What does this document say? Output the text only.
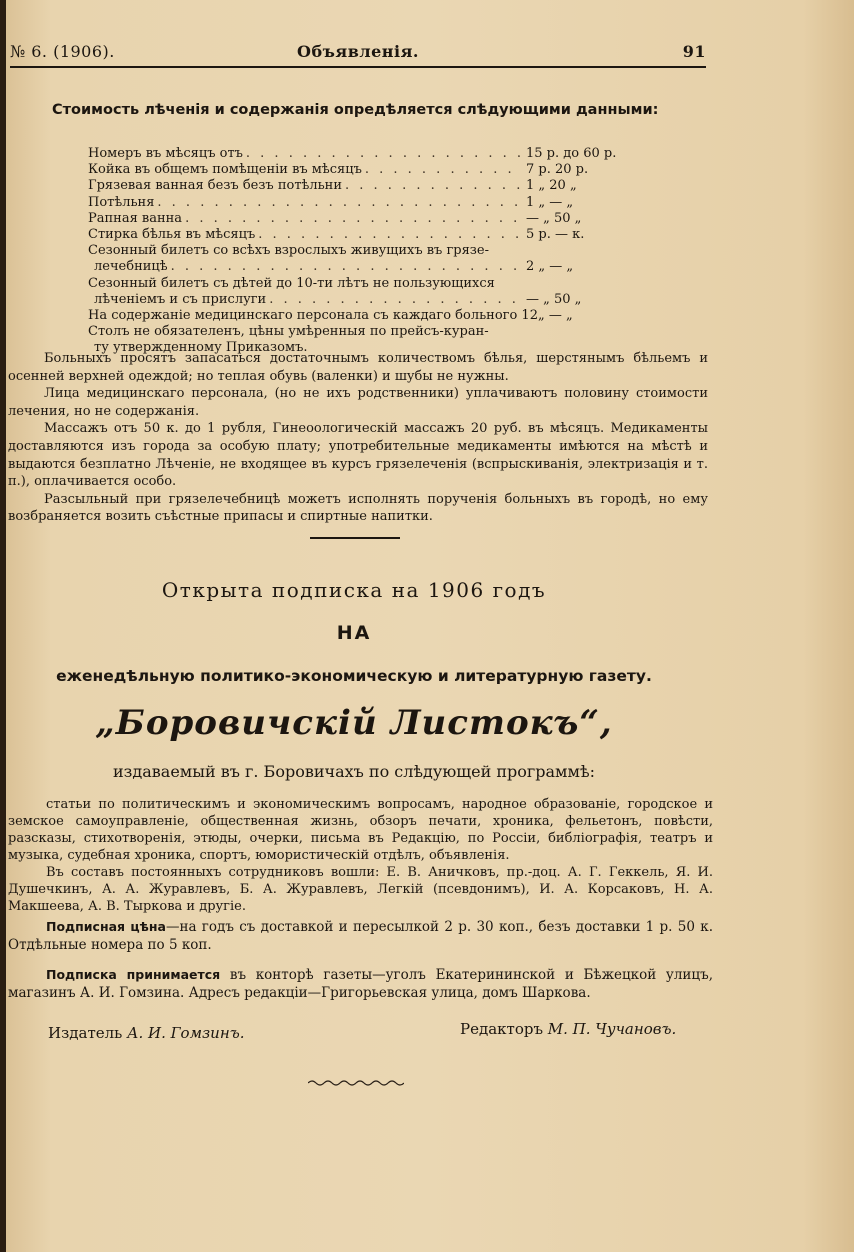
№ 6. (1906).	Объявленія.	91
Стоимость лѣченія и содержанія опредѣляется слѣдующими данными:
Номеръ въ мѣсяцъ отъ . . .	15 р. до 60 р.
Койка въ общемъ помѣщеніи въ мѣсяцъ . . .	7 р. 20 р.
Грязевая ванная безъ безъ потѣльни . . .	1 „ 20 „
Потѣльня . . .	1 „ — „
Рапная ванна . . .	— „ 50 „
Стирка бѣлья въ мѣсяцъ . . .	5 р. — к.
Сезонный билетъ со всѣхъ взрослыхъ живущихъ въ грязе-
лечебницѣ . . .	2 „ — „
Сезонный билетъ съ дѣтей до 10-ти лѣтъ не пользующихся
лѣченіемъ и съ прислуги . . .	— „ 50 „
На содержаніе медицинскаго персонала съ каждаго больного 12 „ — „
Столъ не обязателенъ, цѣны умѣренныя по прейсъ-куран-
ту утвержденному Приказомъ.

Больныхъ просятъ запасаться достаточнымъ количествомъ бѣлья, шерстянымъ бѣльемъ и осенней верхней одеждой; но теплая обувь (валенки) и шубы не нужны.

Лица медицинскаго персонала, (но не ихъ родственники) уплачиваютъ половину стоимости лечения, но не содержанія.

Массажъ отъ 50 к. до 1 рубля, Гинеоологическій массажъ 20 руб. въ мѣсяцъ. Медикаменты доставляются изъ города за особую плату; употребительные медикаменты имѣются на мѣстѣ и выдаются безплатно Лѣченіе, не входящее въ курсъ грязелеченія (вспрыскиванія, электризація и т. п.), оплачивается особо.

Разсыльный при грязелечебницѣ можетъ исполнять порученія больныхъ въ городѣ, но ему возбраняется возить съѣстные припасы и спиртные напитки.

Открыта подписка на 1906 годъ
НА
еженедѣльную политико-экономическую и литературную газету.
„Боровичскій Листокъ“,
издаваемый въ г. Боровичахъ по слѣдующей программѣ:

статьи по политическимъ и экономическимъ вопросамъ, народное образованіе, городское и земское самоуправленіе, общественная жизнь, обзоръ печати, хроника, фельетонъ, повѣсти, разсказы, стихотворенія, этюды, очерки, письма въ Редакцію, по Россіи, библіографія, театръ и музыка, судебная хроника, спортъ, юмористическій отдѣлъ, объявленія.

Въ составъ постоянныхъ сотрудниковъ вошли: Е. В. Аничковъ, пр.-доц. А. Г. Геккель, Я. И. Душечкинъ, А. А. Журавлевъ, Б. А. Журавлевъ, Легкій (псевдонимъ), И. А. Корсаковъ, Н. А. Макшеева, А. В. Тыркова и другіе.

Подписная цѣна—на годъ съ доставкой и пересылкой 2 р. 30 коп., безъ доставки 1 р. 50 к. Отдѣльные номера по 5 коп.

Подписка принимается въ конторѣ газеты—уголъ Екатерининской и Бѣжецкой улицъ, магазинъ А. И. Гомзина. Адресъ редакціи—Григорьевская улица, домъ Шаркова.

Издатель А. И. Гомзинъ.	Редакторъ М. П. Чучановъ.
